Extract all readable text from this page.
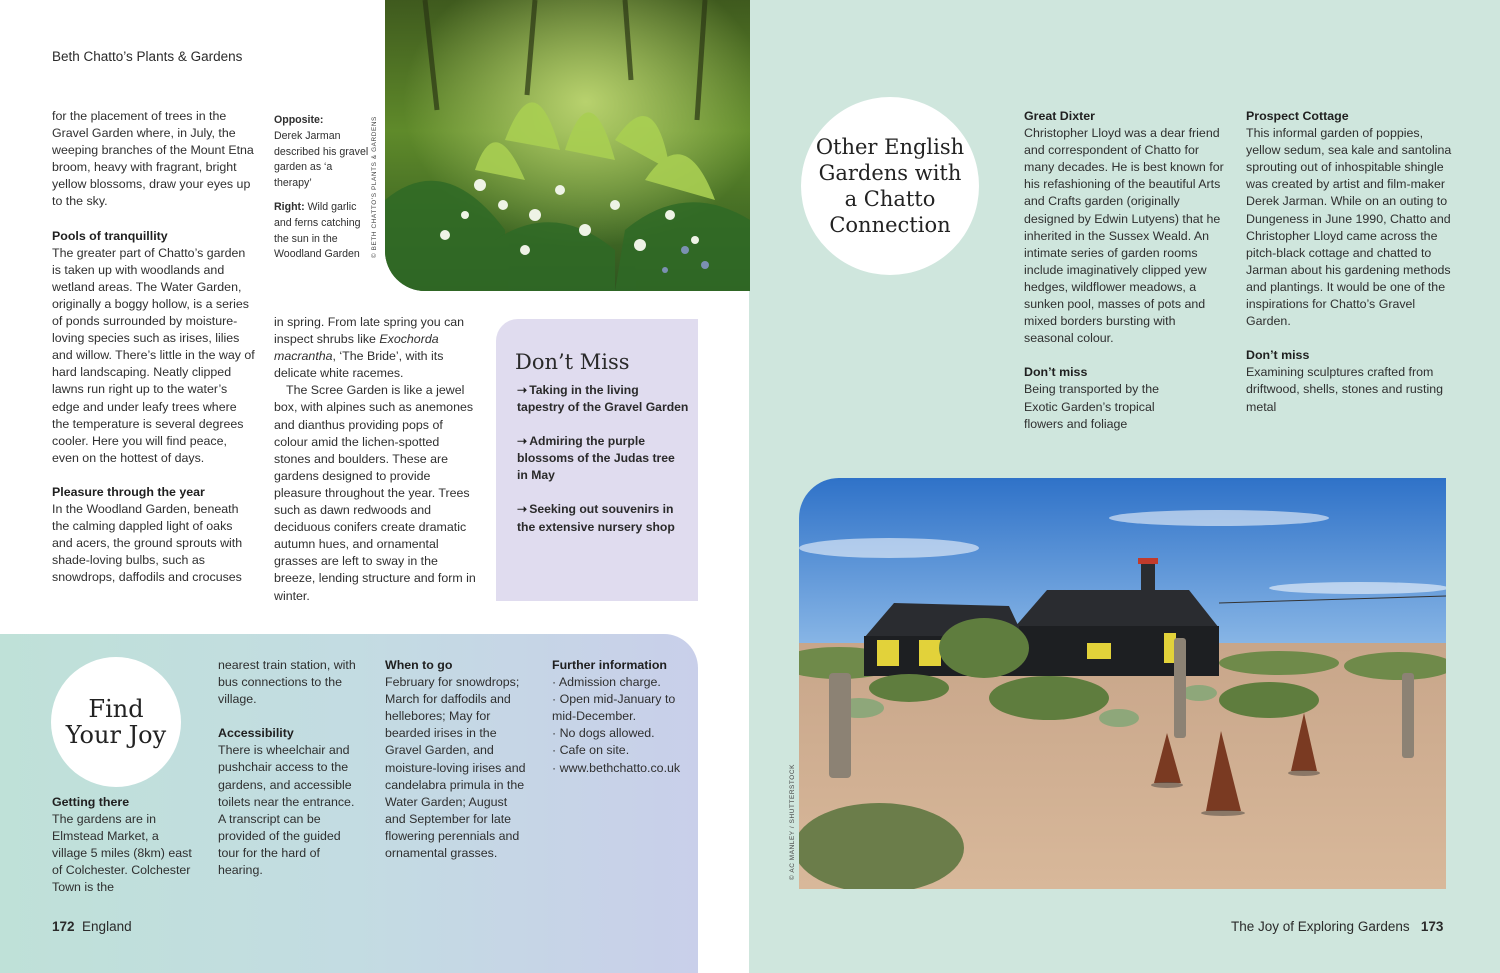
Beth Chatto’s Plants & Gardens
© BETH CHATTO’S PLANTS & GARDENS

Opposite:

Derek Jarman described his gravel garden as ‘a therapy’

Right: Wild garlic and ferns catching the sun in the Woodland Garden

for the placement of trees in the Gravel Garden where, in July, the weeping branches of the Mount Etna broom, heavy with fragrant, bright yellow blossoms, draw your eyes up to the sky.

Pools of tranquillity

The greater part of Chatto’s garden is taken up with woodlands and wetland areas. The Water Garden, originally a boggy hollow, is a series of ponds surrounded by moisture-loving species such as irises, lilies and willow. There’s little in the way of hard landscaping. Neatly clipped lawns run right up to the water’s edge and under leafy trees where the temperature is several degrees cooler. Here you will find peace, even on the hottest of days.

Pleasure through the year

In the Woodland Garden, beneath the calming dappled light of oaks and acers, the ground sprouts with shade-loving bulbs, such as snowdrops, daffodils and crocuses

in spring. From late spring you can inspect shrubs like Exochorda macrantha, ‘The Bride’, with its delicate white racemes.

The Scree Garden is like a jewel box, with alpines such as anemones and dianthus providing pops of colour amid the lichen-spotted stones and boulders. These are gardens designed to provide pleasure throughout the year. Trees such as dawn redwoods and deciduous conifers create dramatic autumn hues, and ornamental grasses are left to sway in the breeze, lending structure and form in winter.

Don’t Miss
➝ Taking in the living tapestry of the Gravel Garden
➝ Admiring the purple blossoms of the Judas tree in May
➝ Seeking out souvenirs in the extensive nursery shop
Find
Your Joy

Getting there

The gardens are in Elmstead Market, a village 5 miles (8km) east of Colchester. Colchester Town is the

nearest train station, with bus connections to the village.

Accessibility

There is wheelchair and pushchair access to the gardens, and accessible toilets near the entrance. A transcript can be provided of the guided tour for the hard of hearing.

When to go

February for snowdrops; March for daffodils and hellebores; May for bearded irises in the Gravel Garden, and moisture-loving irises and candelabra primula in the Water Garden; August and September for late flowering perennials and ornamental grasses.

Further information

· Admission charge.

· Open mid-January to mid-December.

· No dogs allowed.

· Cafe on site.

· www.bethchatto.co.uk

172 England
Other English
Gardens with
a Chatto
Connection

Great Dixter

Christopher Lloyd was a dear friend and correspondent of Chatto for many decades. He is best known for his refashioning of the beautiful Arts and Crafts garden (originally designed by Edwin Lutyens) that he inherited in the Sussex Weald. An intimate series of garden rooms include imaginatively clipped yew hedges, wildflower meadows, a sunken pool, masses of pots and mixed borders bursting with seasonal colour.

Don’t miss

Being transported by the Exotic Garden’s tropical flowers and foliage

Prospect Cottage

This informal garden of poppies, yellow sedum, sea kale and santolina sprouting out of inhospitable shingle was created by artist and film-maker Derek Jarman. While on an outing to Dungeness in June 1990, Chatto and Christopher Lloyd came across the pitch-black cottage and chatted to Jarman about his gardening methods and plantings. It would be one of the inspirations for Chatto’s Gravel Garden.

Don’t miss

Examining sculptures crafted from driftwood, shells, stones and rusting metal

© AC MANLEY / SHUTTERSTOCK
The Joy of Exploring Gardens 173
